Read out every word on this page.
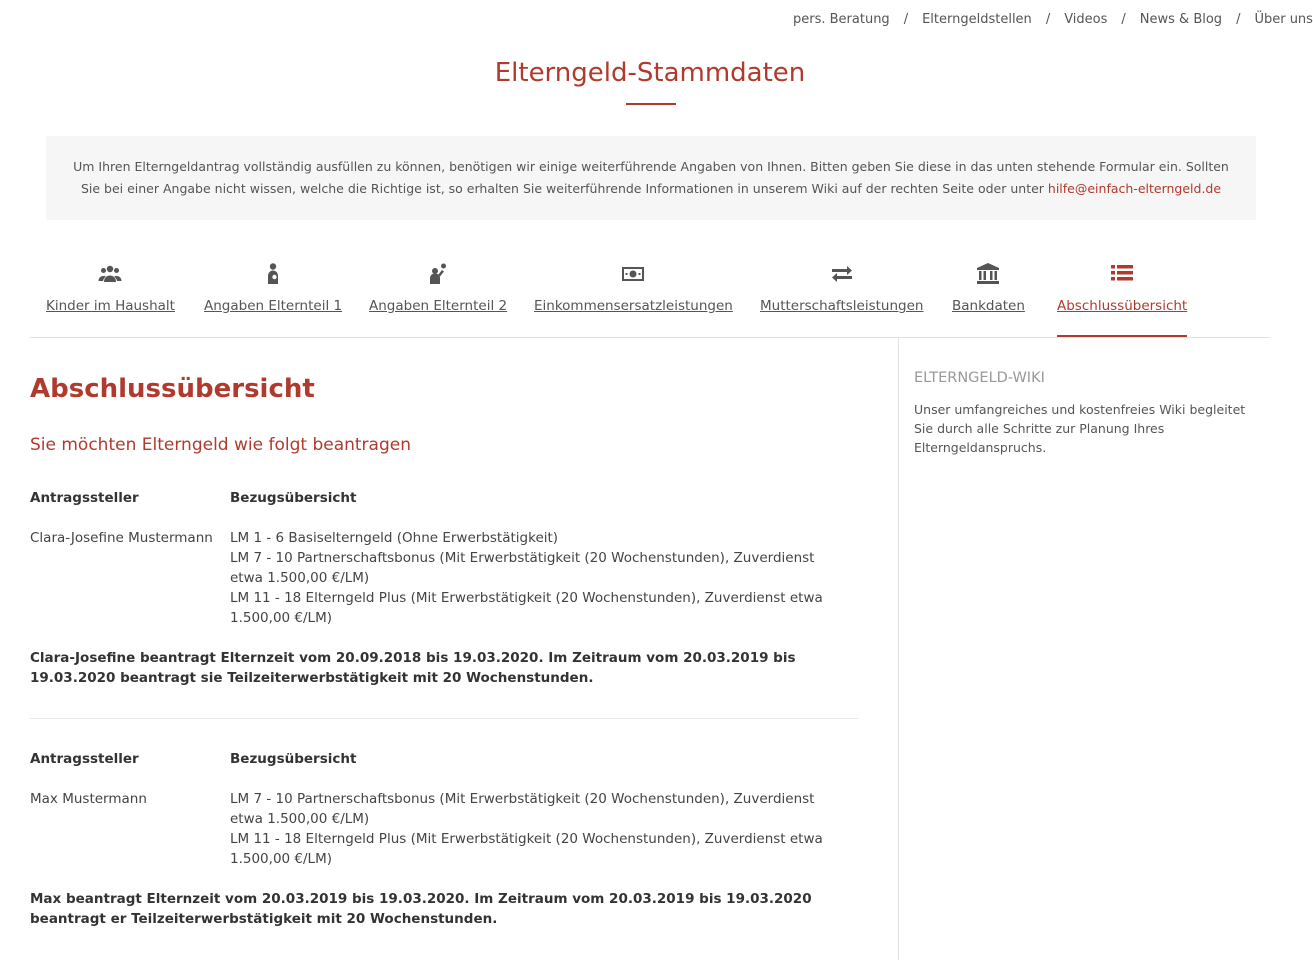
pers. Beratung / Elterngeldstellen / Videos / News & Blog / Über uns
Elterngeld-Stammdaten
Um Ihren Elterngeldantrag vollständig ausfüllen zu können, benötigen wir einige weiterführende Angaben von Ihnen. Bitten geben Sie diese in das unten stehende Formular ein. Sollten Sie bei einer Angabe nicht wissen, welche die Richtige ist, so erhalten Sie weiterführende Informationen in unserem Wiki auf der rechten Seite oder unter hilfe@einfach-elterngeld.de
Kinder im Haushalt Angaben Elternteil 1 Angaben Elternteil 2 Einkommensersatzleistungen Mutterschaftsleistungen Bankdaten Abschlussübersicht
Abschlussübersicht
Sie möchten Elterngeld wie folgt beantragen
Antragssteller	Bezugsübersicht
Clara-Josefine Mustermann	LM 1 - 6 Basiselterngeld (Ohne Erwerbstätigkeit)
LM 7 - 10 Partnerschaftsbonus (Mit Erwerbstätigkeit (20 Wochenstunden), Zuverdienst etwa 1.500,00 €/LM)
LM 11 - 18 Elterngeld Plus (Mit Erwerbstätigkeit (20 Wochenstunden), Zuverdienst etwa 1.500,00 €/LM)
Clara-Josefine beantragt Elternzeit vom 20.09.2018 bis 19.03.2020. Im Zeitraum vom 20.03.2019 bis 19.03.2020 beantragt sie Teilzeiterwerbstätigkeit mit 20 Wochenstunden.
Antragssteller	Bezugsübersicht
Max Mustermann	LM 7 - 10 Partnerschaftsbonus (Mit Erwerbstätigkeit (20 Wochenstunden), Zuverdienst etwa 1.500,00 €/LM)
LM 11 - 18 Elterngeld Plus (Mit Erwerbstätigkeit (20 Wochenstunden), Zuverdienst etwa 1.500,00 €/LM)
Max beantragt Elternzeit vom 20.03.2019 bis 19.03.2020. Im Zeitraum vom 20.03.2019 bis 19.03.2020 beantragt er Teilzeiterwerbstätigkeit mit 20 Wochenstunden.
ELTERNGELD-WIKI
Unser umfangreiches und kostenfreies Wiki begleitet Sie durch alle Schritte zur Planung Ihres Elterngeldanspruchs.
